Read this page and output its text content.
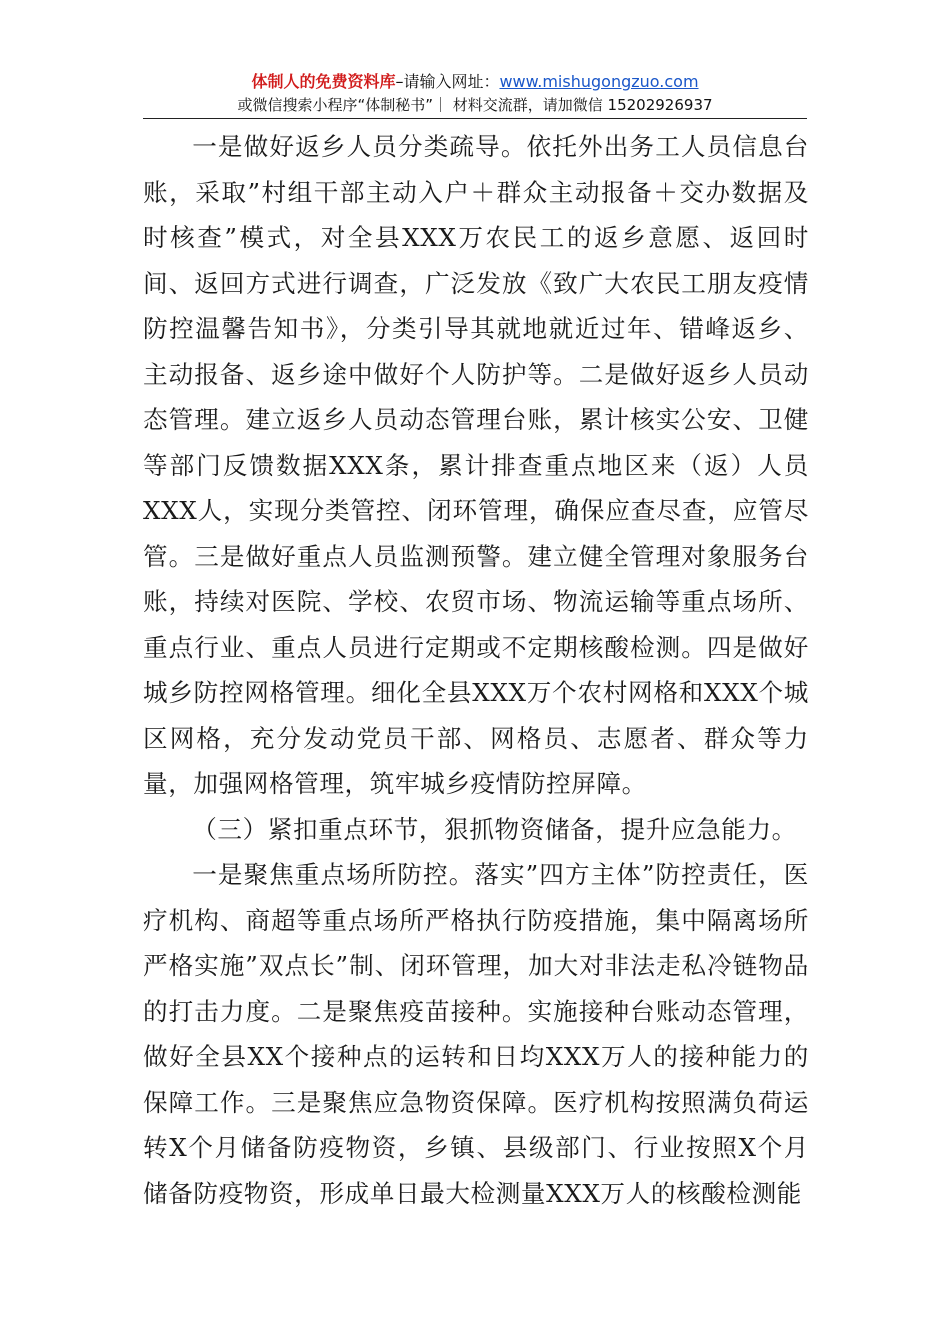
体制人的免费资料库–请输入网址：www.mishugongzuo.com
或微信搜索小程序“体制秘书”｜ 材料交流群，请加微信 15202926937

一是做好返乡人员分类疏导。依托外出务工人员信息台账，采取”村组干部主动入户＋群众主动报备＋交办数据及时核查”模式，对全县XXX万农民工的返乡意愿、返回时间、返回方式进行调查，广泛发放《致广大农民工朋友疫情防控温馨告知书》，分类引导其就地就近过年、错峰返乡、主动报备、返乡途中做好个人防护等。二是做好返乡人员动态管理。建立返乡人员动态管理台账，累计核实公安、卫健等部门反馈数据XXX条，累计排查重点地区来（返）人员XXX人，实现分类管控、闭环管理，确保应查尽查，应管尽管。三是做好重点人员监测预警。建立健全管理对象服务台账，持续对医院、学校、农贸市场、物流运输等重点场所、重点行业、重点人员进行定期或不定期核酸检测。四是做好城乡防控网格管理。细化全县XXX万个农村网格和XXX个城区网格，充分发动党员干部、网格员、志愿者、群众等力量，加强网格管理，筑牢城乡疫情防控屏障。

（三）紧扣重点环节，狠抓物资储备，提升应急能力。

一是聚焦重点场所防控。落实”四方主体”防控责任，医疗机构、商超等重点场所严格执行防疫措施，集中隔离场所严格实施”双点长”制、闭环管理，加大对非法走私冷链物品的打击力度。二是聚焦疫苗接种。实施接种台账动态管理，做好全县XX个接种点的运转和日均XXX万人的接种能力的保障工作。三是聚焦应急物资保障。医疗机构按照满负荷运转X个月储备防疫物资，乡镇、县级部门、行业按照X个月储备防疫物资，形成单日最大检测量XXX万人的核酸检测能
